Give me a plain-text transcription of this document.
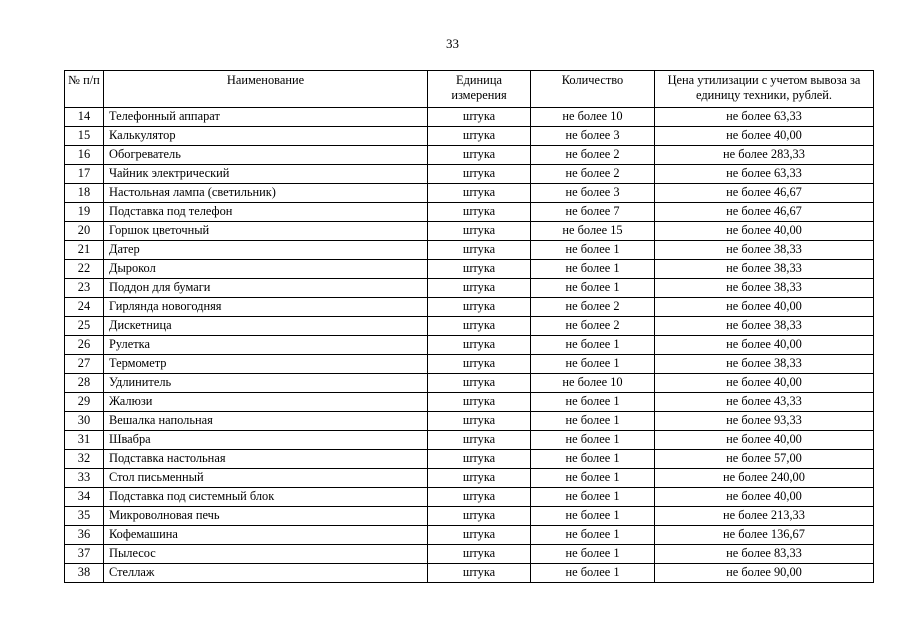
33
№ п/п	Наименование	Единица измерения	Количество	Цена утилизации с учетом вывоза за единицу техники, рублей.
14	Телефонный аппарат	штука	не более 10	не более 63,33
15	Калькулятор	штука	не более 3	не более 40,00
16	Обогреватель	штука	не более 2	не более 283,33
17	Чайник электрический	штука	не более 2	не более 63,33
18	Настольная лампа (светильник)	штука	не более 3	не более 46,67
19	Подставка под телефон	штука	не более 7	не более 46,67
20	Горшок цветочный	штука	не более 15	не более 40,00
21	Датер	штука	не более 1	не более 38,33
22	Дырокол	штука	не более 1	не более 38,33
23	Поддон для бумаги	штука	не более 1	не более 38,33
24	Гирлянда новогодняя	штука	не более 2	не более 40,00
25	Дискетница	штука	не более 2	не более 38,33
26	Рулетка	штука	не более 1	не более 40,00
27	Термометр	штука	не более 1	не более 38,33
28	Удлинитель	штука	не более 10	не более 40,00
29	Жалюзи	штука	не более 1	не более 43,33
30	Вешалка напольная	штука	не более 1	не более 93,33
31	Швабра	штука	не более 1	не более 40,00
32	Подставка настольная	штука	не более 1	не более 57,00
33	Стол письменный	штука	не более 1	не более 240,00
34	Подставка под системный блок	штука	не более 1	не более 40,00
35	Микроволновая печь	штука	не более 1	не более 213,33
36	Кофемашина	штука	не более 1	не более 136,67
37	Пылесос	штука	не более 1	не более 83,33
38	Стеллаж	штука	не более 1	не более 90,00
